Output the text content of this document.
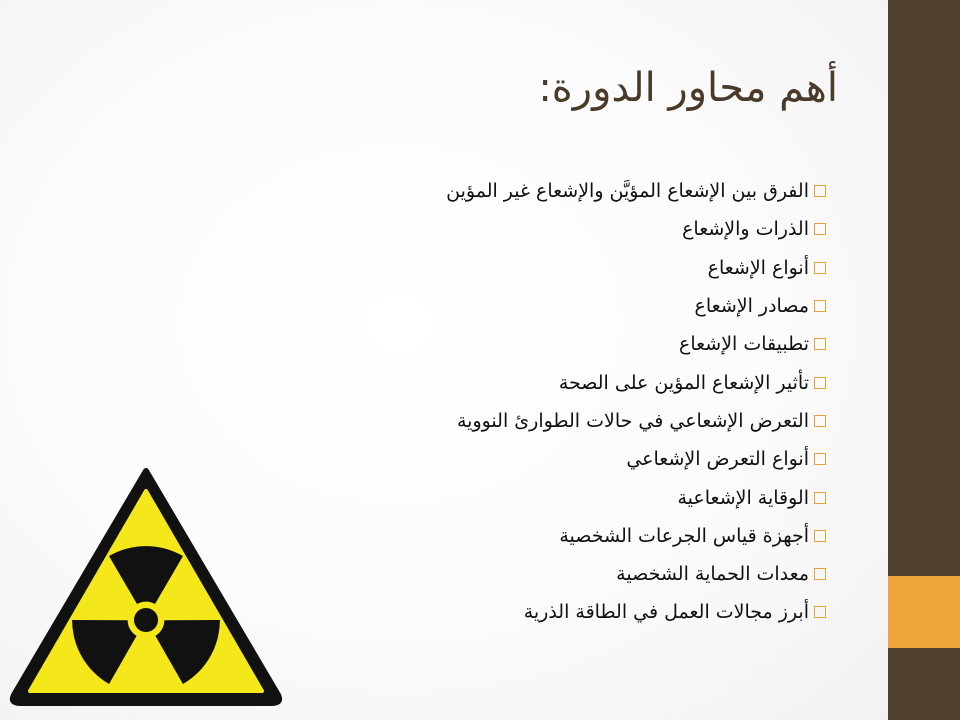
أهم محاور الدورة:
الفرق بين الإشعاع المؤيَّن والإشعاع غير المؤين
الذرات والإشعاع
أنواع الإشعاع
مصادر الإشعاع
تطبيقات الإشعاع
تأثير الإشعاع المؤين على الصحة
التعرض الإشعاعي في حالات الطوارئ النووية
أنواع التعرض الإشعاعي
الوقاية الإشعاعية
أجهزة قياس الجرعات الشخصية
معدات الحماية الشخصية
أبرز مجالات العمل في الطاقة الذرية
